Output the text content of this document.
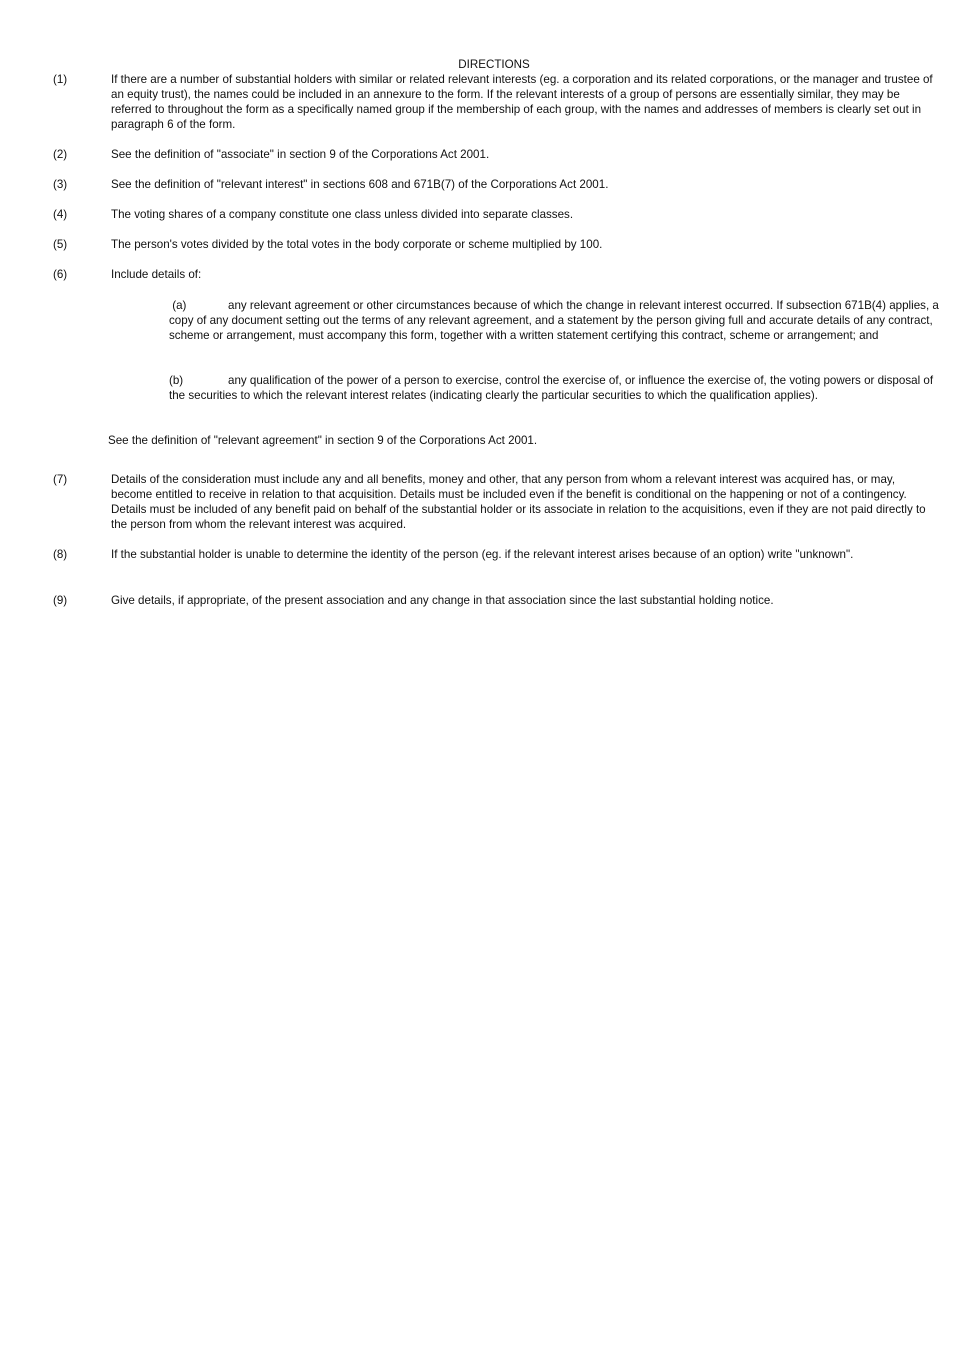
DIRECTIONS
(1)	If there are a number of substantial holders with similar or related relevant interests (eg. a corporation and its related corporations, or the manager and trustee of an equity trust), the names could be included in an annexure to the form. If the relevant interests of a group of persons are essentially similar, they may be referred to throughout the form as a specifically named group if the membership of each group, with the names and addresses of members is clearly set out in paragraph 6 of the form.
(2)	See the definition of "associate" in section 9 of the Corporations Act 2001.
(3)	See the definition of "relevant interest" in sections 608 and 671B(7) of the Corporations Act 2001.
(4)	The voting shares of a company constitute one class unless divided into separate classes.
(5)	The person's votes divided by the total votes in the body corporate or scheme multiplied by 100.
(6)	Include details of:
(a)	any relevant agreement or other circumstances because of which the change in relevant interest occurred. If subsection 671B(4) applies, a copy of any document setting out the terms of any relevant agreement, and a statement by the person giving full and accurate details of any contract, scheme or arrangement, must accompany this form, together with a written statement certifying this contract, scheme or arrangement; and
(b)	any qualification of the power of a person to exercise, control the exercise of, or influence the exercise of, the voting powers or disposal of the securities to which the relevant interest relates (indicating clearly the particular securities to which the qualification applies).
See the definition of "relevant agreement" in section 9 of the Corporations Act 2001.
(7)	Details of the consideration must include any and all benefits, money and other, that any person from whom a relevant interest was acquired has, or may, become entitled to receive in relation to that acquisition. Details must be included even if the benefit is conditional on the happening or not of a contingency. Details must be included of any benefit paid on behalf of the substantial holder or its associate in relation to the acquisitions, even if they are not paid directly to the person from whom the relevant interest was acquired.
(8)	If the substantial holder is unable to determine the identity of the person (eg. if the relevant interest arises because of an option) write "unknown".
(9)	Give details, if appropriate, of the present association and any change in that association since the last substantial holding notice.
